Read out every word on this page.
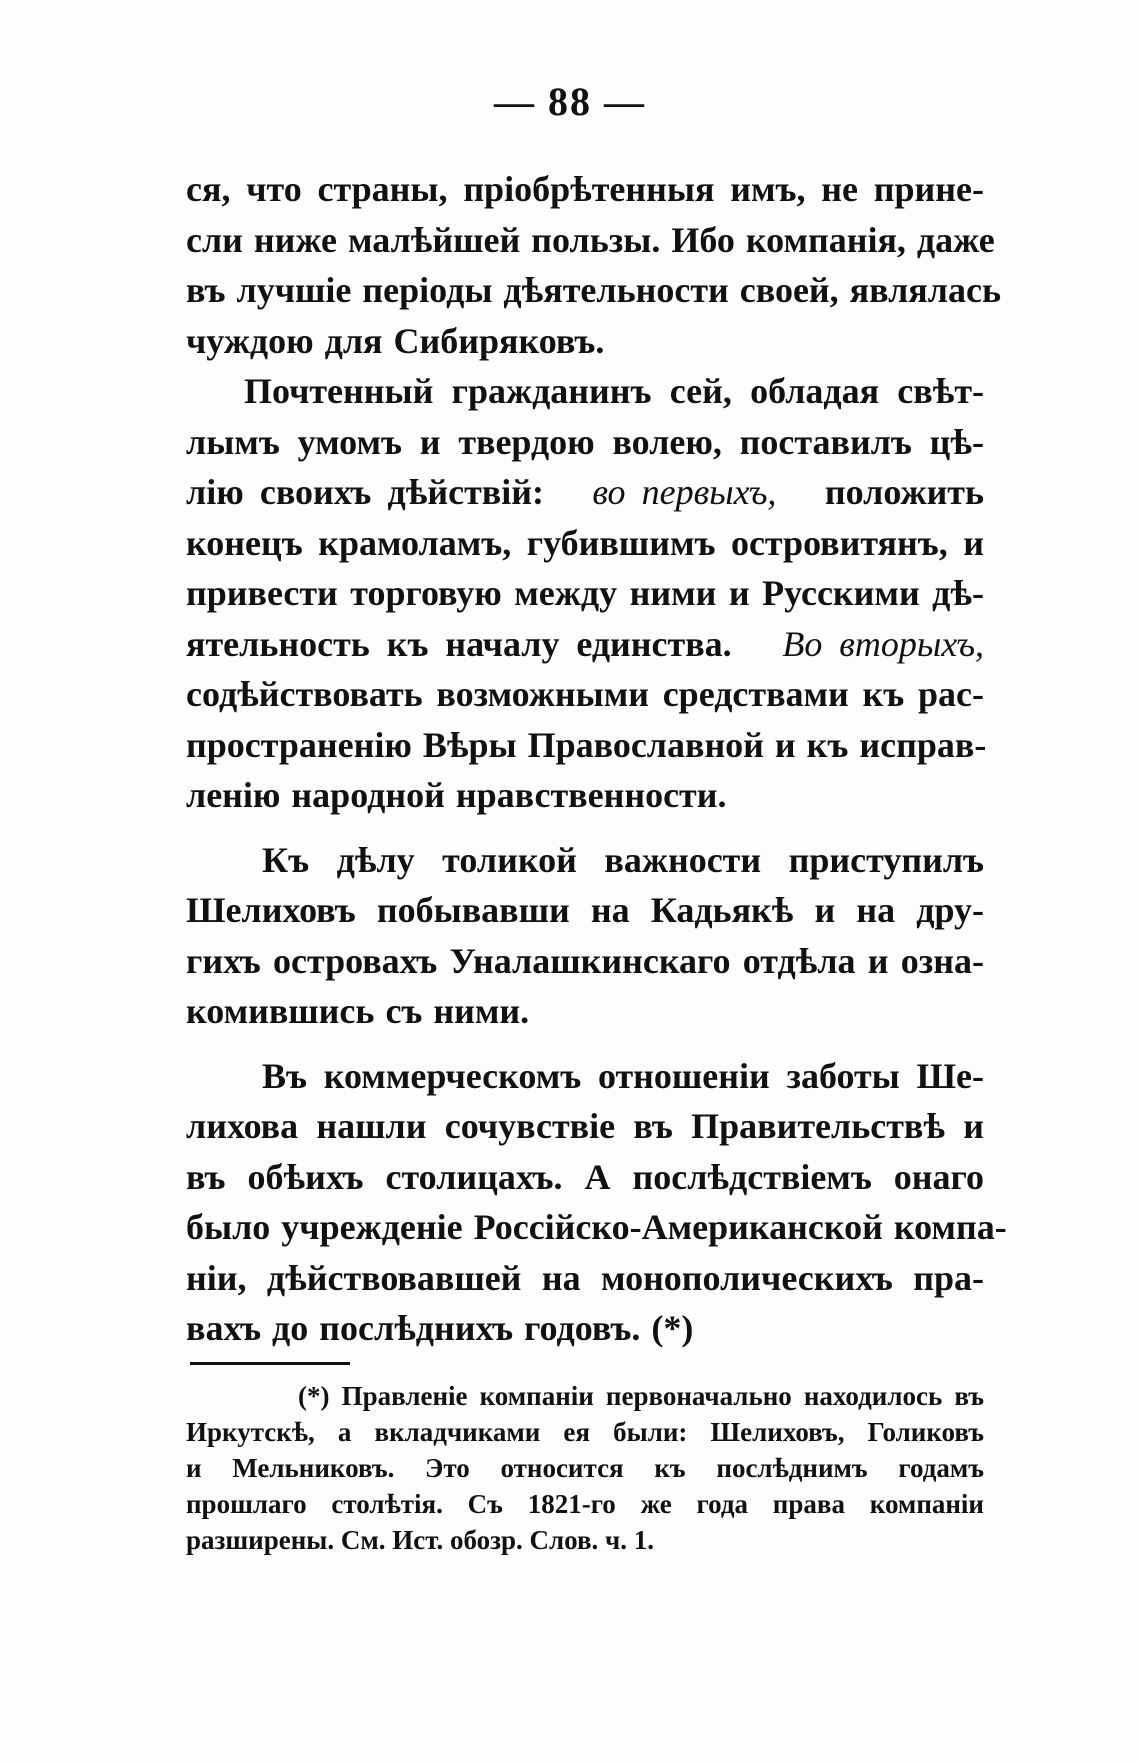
— 88 —

ся, что страны, пріобрѣтенныя имъ, не прине-
сли ниже малѣйшей пользы. Ибо компанія, даже
въ лучшіе періоды дѣятельности своей, являлась
чуждою для Сибиряковъ.

Почтенный гражданинъ сей, обладая свѣт-
лымъ умомъ и твердою волею, поставилъ цѣ-
лію своихъ дѣйствій: во первыхъ, положить
конецъ крамоламъ, губившимъ островитянъ, и
привести торговую между ними и Русскими дѣ-
ятельность къ началу единства. Во вторыхъ,
содѣйствовать возможными средствами къ рас-
пространенію Вѣры Православной и къ исправ-
ленію народной нравственности.

Къ дѣлу толикой важности приступилъ
Шелиховъ побывавши на Кадьякѣ и на дру-
гихъ островахъ Уналашкинскаго отдѣла и озна-
комившись съ ними.

Въ коммерческомъ отношеніи заботы Ше-
лихова нашли сочувствіе въ Правительствѣ и
въ обѣихъ столицахъ. А послѣдствіемъ онаго
было учрежденіе Россійско-Американской компа-
ніи, дѣйствовавшей на монополическихъ пра-
вахъ до послѣднихъ годовъ. (*)

(*) Правленіе компаніи первоначально находилось въ
Иркутскѣ, а вкладчиками ея были: Шелиховъ, Голиковъ
и Мельниковъ. Это относится къ послѣднимъ годамъ
прошлаго столѣтія. Съ 1821-го же года права компаніи
разширены. См. Ист. обозр. Слов. ч. 1.
